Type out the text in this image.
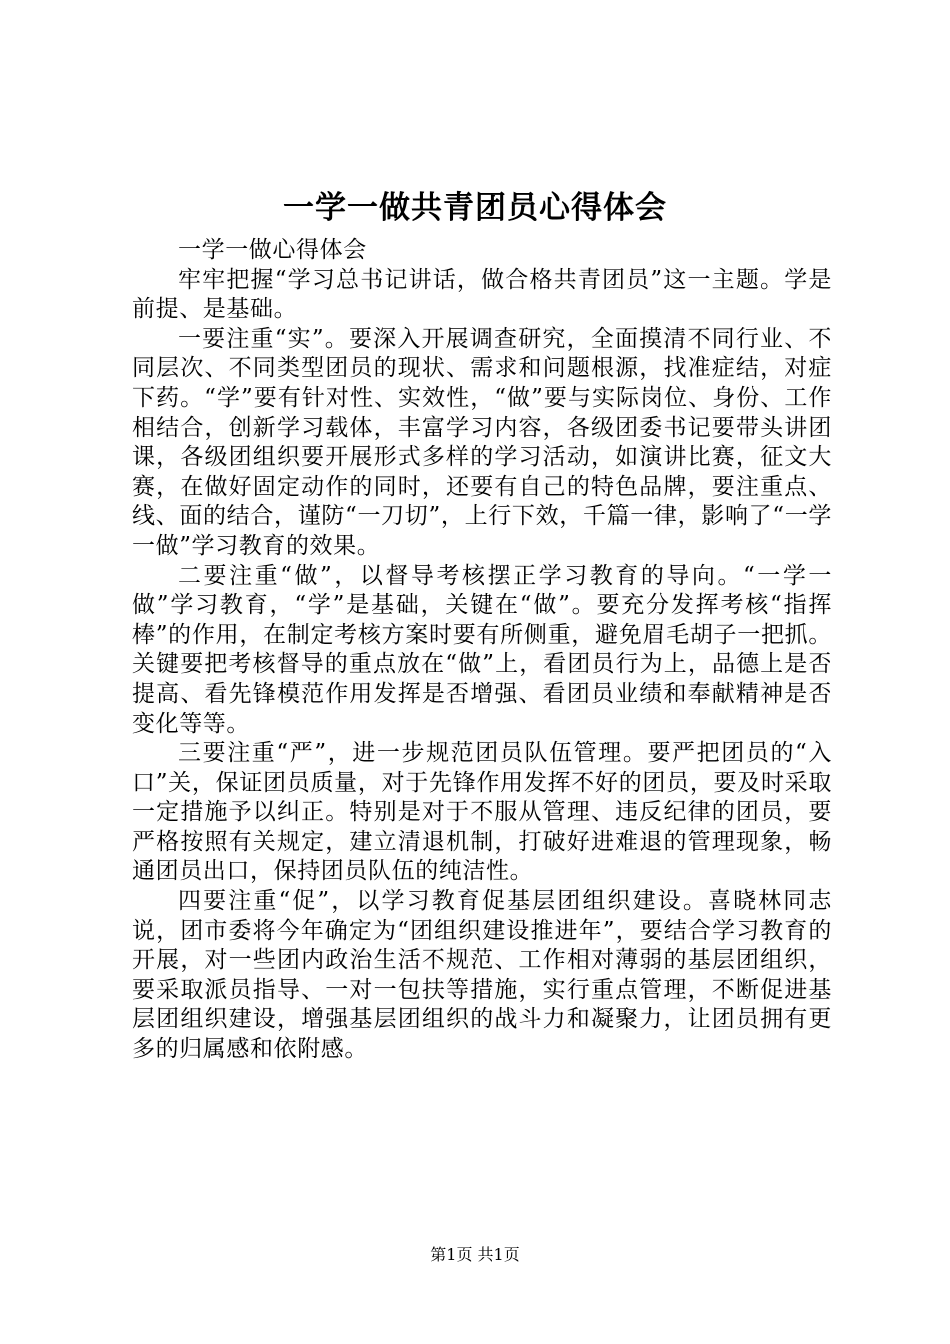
一学一做共青团员心得体会

一学一做心得体会

牢牢把握“学习总书记讲话，做合格共青团员”这一主题。学是前提、是基础。

一要注重“实”。要深入开展调查研究，全面摸清不同行业、不同层次、不同类型团员的现状、需求和问题根源，找准症结，对症下药。“学”要有针对性、实效性，“做”要与实际岗位、身份、工作相结合，创新学习载体，丰富学习内容，各级团委书记要带头讲团课，各级团组织要开展形式多样的学习活动，如演讲比赛，征文大赛，在做好固定动作的同时，还要有自己的特色品牌，要注重点、线、面的结合，谨防“一刀切”，上行下效，千篇一律，影响了“一学一做”学习教育的效果。

二要注重“做”，以督导考核摆正学习教育的导向。“一学一做”学习教育，“学”是基础，关键在“做”。要充分发挥考核“指挥棒”的作用，在制定考核方案时要有所侧重，避免眉毛胡子一把抓。关键要把考核督导的重点放在“做”上，看团员行为上，品德上是否提高、看先锋模范作用发挥是否增强、看团员业绩和奉献精神是否变化等等。

三要注重“严”，进一步规范团员队伍管理。要严把团员的“入口”关，保证团员质量，对于先锋作用发挥不好的团员，要及时采取一定措施予以纠正。特别是对于不服从管理、违反纪律的团员，要严格按照有关规定，建立清退机制，打破好进难退的管理现象，畅通团员出口，保持团员队伍的纯洁性。

四要注重“促”，以学习教育促基层团组织建设。喜晓林同志说，团市委将今年确定为“团组织建设推进年”，要结合学习教育的开展，对一些团内政治生活不规范、工作相对薄弱的基层团组织，要采取派员指导、一对一包扶等措施，实行重点管理，不断促进基层团组织建设，增强基层团组织的战斗力和凝聚力，让团员拥有更多的归属感和依附感。

第1页 共1页
